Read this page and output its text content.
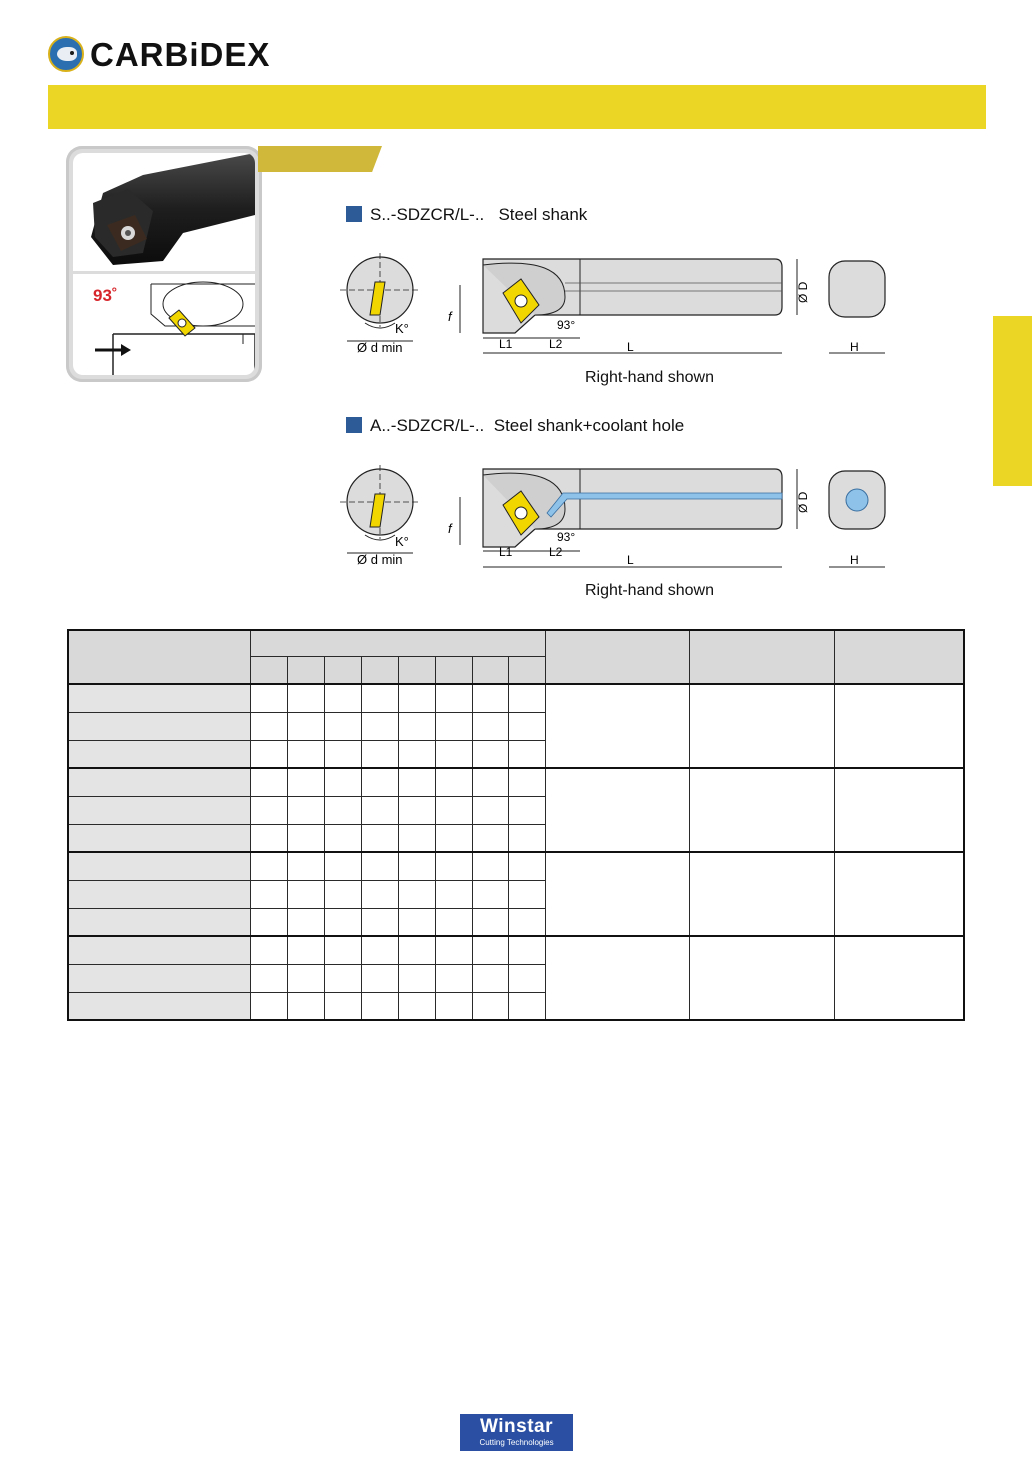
CARBiDEX
93˚
S..-SDZCR/L-.. Steel shank
K°
Ø d min
f
93°
L1	L2	L
Ø D
H
Right-hand shown
A..-SDZCR/L-.. Steel shank+coolant hole
K°
Ø d min
f
93°
L1	L2
L
Ø D
H
Right-hand shown

Winstar
Cutting Technologies
